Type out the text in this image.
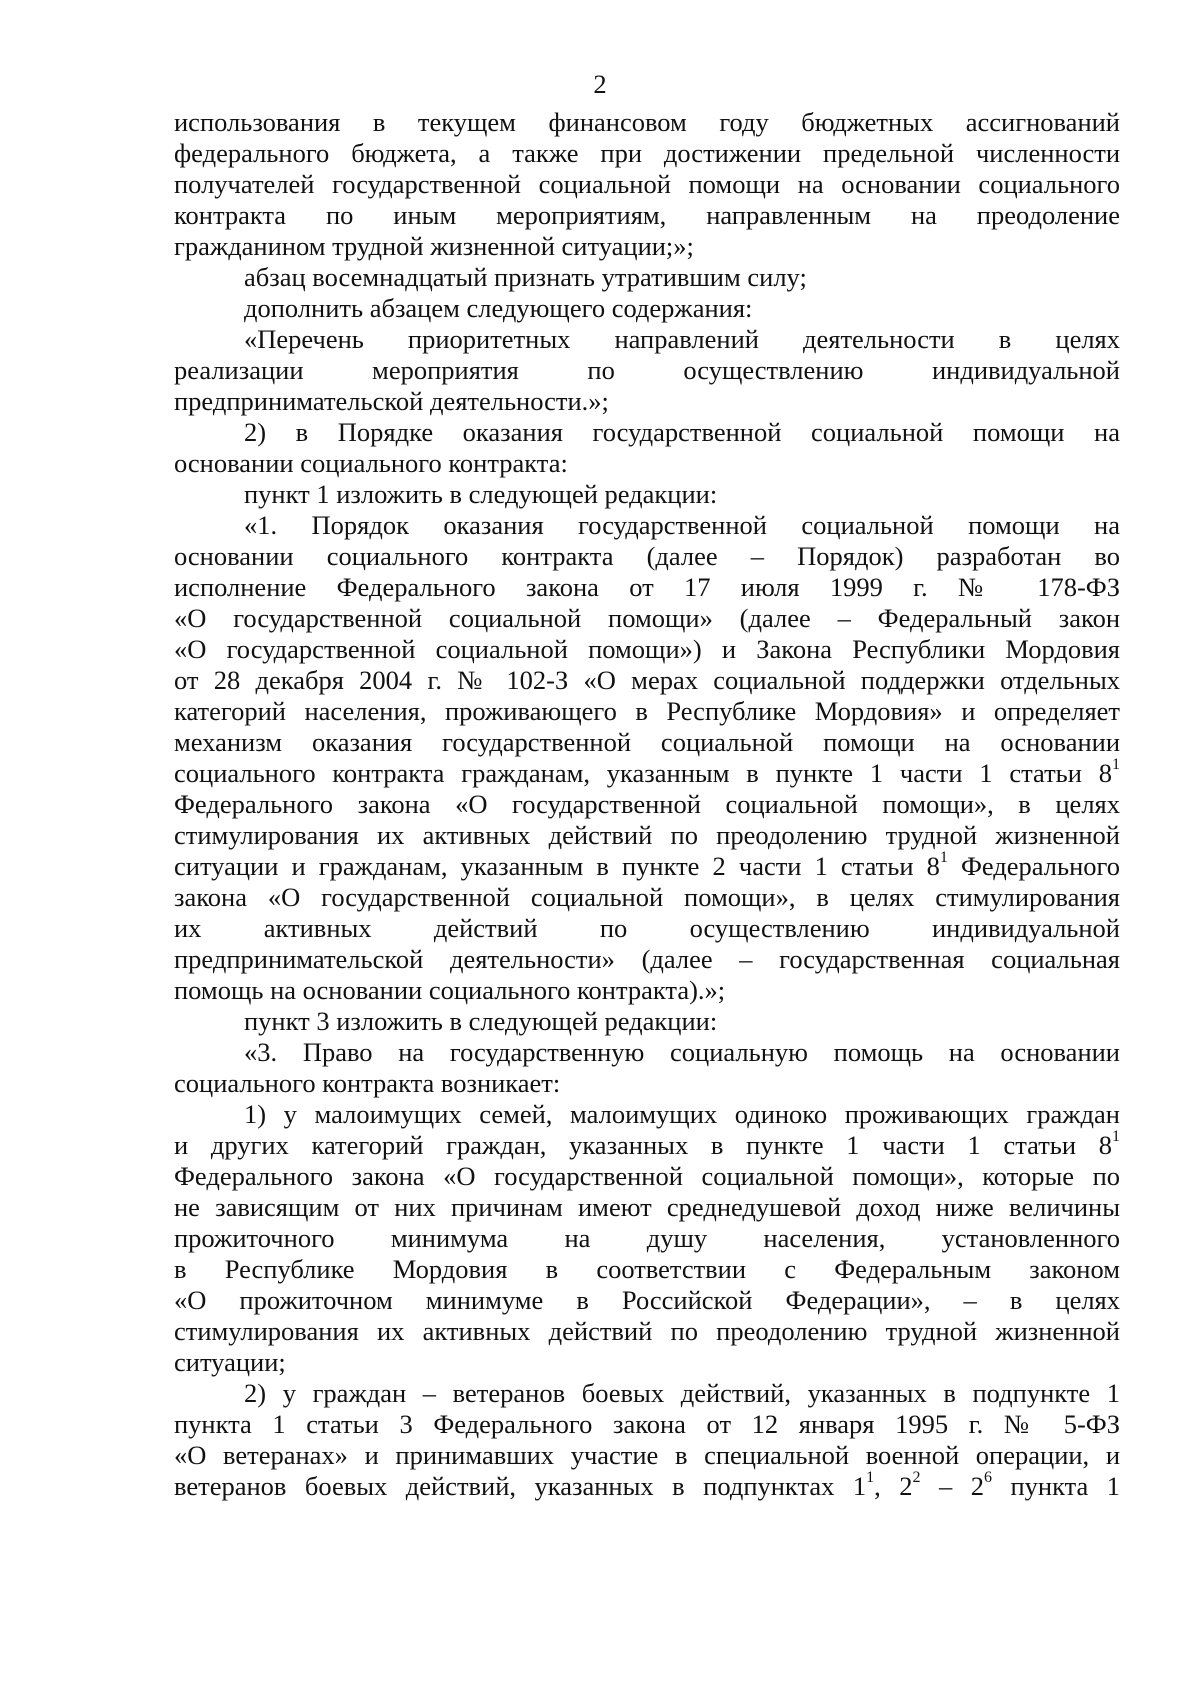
2
использования в текущем финансовом году бюджетных ассигнований
федерального бюджета, а также при достижении предельной численности
получателей государственной социальной помощи на основании социального
контракта по иным мероприятиям, направленным на преодоление
гражданином трудной жизненной ситуации;»;
абзац восемнадцатый признать утратившим силу;
дополнить абзацем следующего содержания:
«Перечень приоритетных направлений деятельности в целях
реализации мероприятия по осуществлению индивидуальной
предпринимательской деятельности.»;
2) в Порядке оказания государственной социальной помощи на
основании социального контракта:
пункт 1 изложить в следующей редакции:
«1. Порядок оказания государственной социальной помощи на
основании социального контракта (далее – Порядок) разработан во
исполнение Федерального закона от 17 июля 1999 г. № 178-ФЗ
«О государственной социальной помощи» (далее – Федеральный закон
«О государственной социальной помощи») и Закона Республики Мордовия
от 28 декабря 2004 г. № 102-З «О мерах социальной поддержки отдельных
категорий населения, проживающего в Республике Мордовия» и определяет
механизм оказания государственной социальной помощи на основании
социального контракта гражданам, указанным в пункте 1 части 1 статьи $8^1$
Федерального закона «О государственной социальной помощи», в целях
стимулирования их активных действий по преодолению трудной жизненной
ситуации и гражданам, указанным в пункте 2 части 1 статьи $8^1$ Федерального
закона «О государственной социальной помощи», в целях стимулирования
их активных действий по осуществлению индивидуальной
предпринимательской деятельности» (далее – государственная социальная
помощь на основании социального контракта).»;
пункт 3 изложить в следующей редакции:
«3. Право на государственную социальную помощь на основании
социального контракта возникает:
1) у малоимущих семей, малоимущих одиноко проживающих граждан
и других категорий граждан, указанных в пункте 1 части 1 статьи $8^1$
Федерального закона «О государственной социальной помощи», которые по
не зависящим от них причинам имеют среднедушевой доход ниже величины
прожиточного минимума на душу населения, установленного
в Республике Мордовия в соответствии с Федеральным законом
«О прожиточном минимуме в Российской Федерации», – в целях
стимулирования их активных действий по преодолению трудной жизненной
ситуации;
2) у граждан – ветеранов боевых действий, указанных в подпункте 1
пункта 1 статьи 3 Федерального закона от 12 января 1995 г. № 5-ФЗ
«О ветеранах» и принимавших участие в специальной военной операции, и
ветеранов боевых действий, указанных в подпунктах $1^1$, $2^2 - 2^6$ пункта 1
